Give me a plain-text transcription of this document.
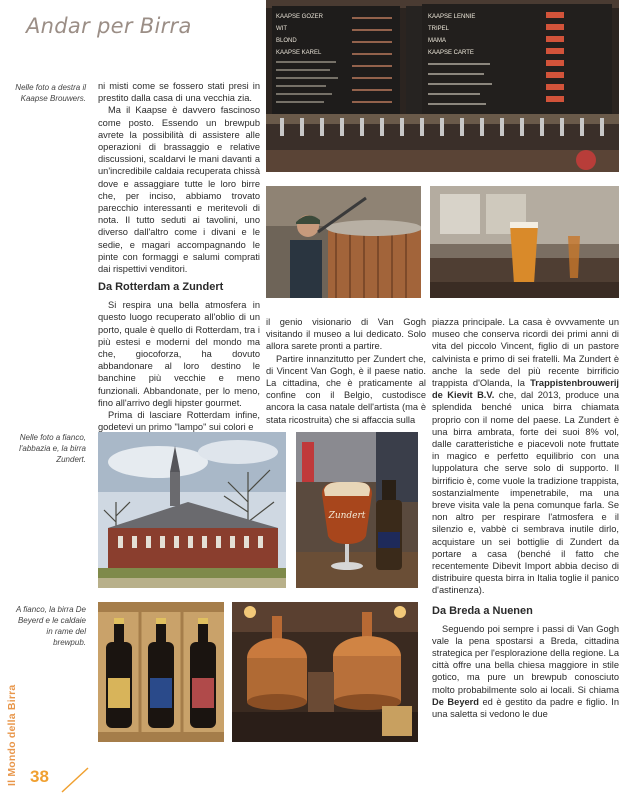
Andar per Birra	KAAPSE GOZER
WIT
BLOND
KAAPSE KAREL
KAAPSE LENNIE
TRIPEL
MAMA
KAAPSE CARTE
Nelle foto a destra il Kaapse Brouwers.

ni misti come se fossero stati presi in prestito dalla casa di una vecchia zia.

Ma il Kaapse è davvero fascinoso come posto. Essendo un brewpub avrete la possibilità di assistere alle operazioni di brassaggio e relative discussioni, scaldarvi le mani davanti a un'incredibile caldaia recuperata chissà dove e assaggiare tutte le loro birre che, per inciso, abbiamo trovato parecchio interessanti e meritevoli di nota. Il tutto seduti ai tavolini, uno diverso dall'altro come i divani e le sedie, e magari accompagnando le pinte con formaggi e salumi comprati dai rispettivi venditori.

Da Rotterdam a Zundert

Si respira una bella atmosfera in questo luogo recuperato all'oblio di un porto, quale è quello di Rotterdam, tra i più estesi e moderni del mondo ma che, giocoforza, ha dovuto abbandonare al loro destino le banchine più vecchie e meno funzionali. Abbandonate, per lo meno, fino all'arrivo degli hipster gourmet.

Prima di lasciare Rotterdam infine, godetevi un primo "lampo" sui colori e

il genio visionario di Van Gogh visitando il museo a lui dedicato. Solo allora sarete pronti a partire.

Partire innanzitutto per Zundert che, di Vincent Van Gogh, è il paese natio. La cittadina, che è praticamente al confine con il Belgio, custodisce ancora la casa natale dell'artista (ma è stata ricostruita) che si affaccia sulla

piazza principale. La casa è ovvvamente un museo che conserva ricordi dei primi anni di vita del piccolo Vincent, figlio di un pastore calvinista e primo di sei fratelli. Ma Zundert è anche la sede del più recente birrificio trappista d'Olanda, la Trappistenbrouwerij de Kievit B.V. che, dal 2013, produce una splendida benché unica birra chiamata proprio con il nome del paese. La Zundert è una birra ambrata, forte dei suoi 8% vol, dalle caratteristiche e piacevoli note fruttate in magico e perfetto equilibrio con una luppolatura che serve solo di supporto. Il birrificio è, come vuole la tradizione trappista, sostanzialmente impenetrabile, ma una breve visita vale la pena comunque farla. Se non altro per respirare l'atmosfera e il silenzio e, vabbè ci sembrava inutile dirlo, acquistare un sei bottiglie di Zundert da portare a casa (benché il fatto che recentemente Dibevit Import abbia deciso di distribuire questa birra in Italia toglie il panico d'astinenza).

Da Breda a Nuenen

Seguendo poi sempre i passi di Van Gogh vale la pena spostarsi a Breda, cittadina strategica per l'esplorazione della regione. La città offre una bella chiesa maggiore in stile gotico, ma pure un brewpub conosciuto molto probabilmente solo ai locali. Si chiama De Beyerd ed è gestito da padre e figlio. In una saletta si vedono le due

Nelle foto a fianco, l'abbazia e, la birra Zundert.
Zundert
A fianco, la birra De Beyerd e le caldaie in rame del brewpub.
Il Mondo della Birra 38
